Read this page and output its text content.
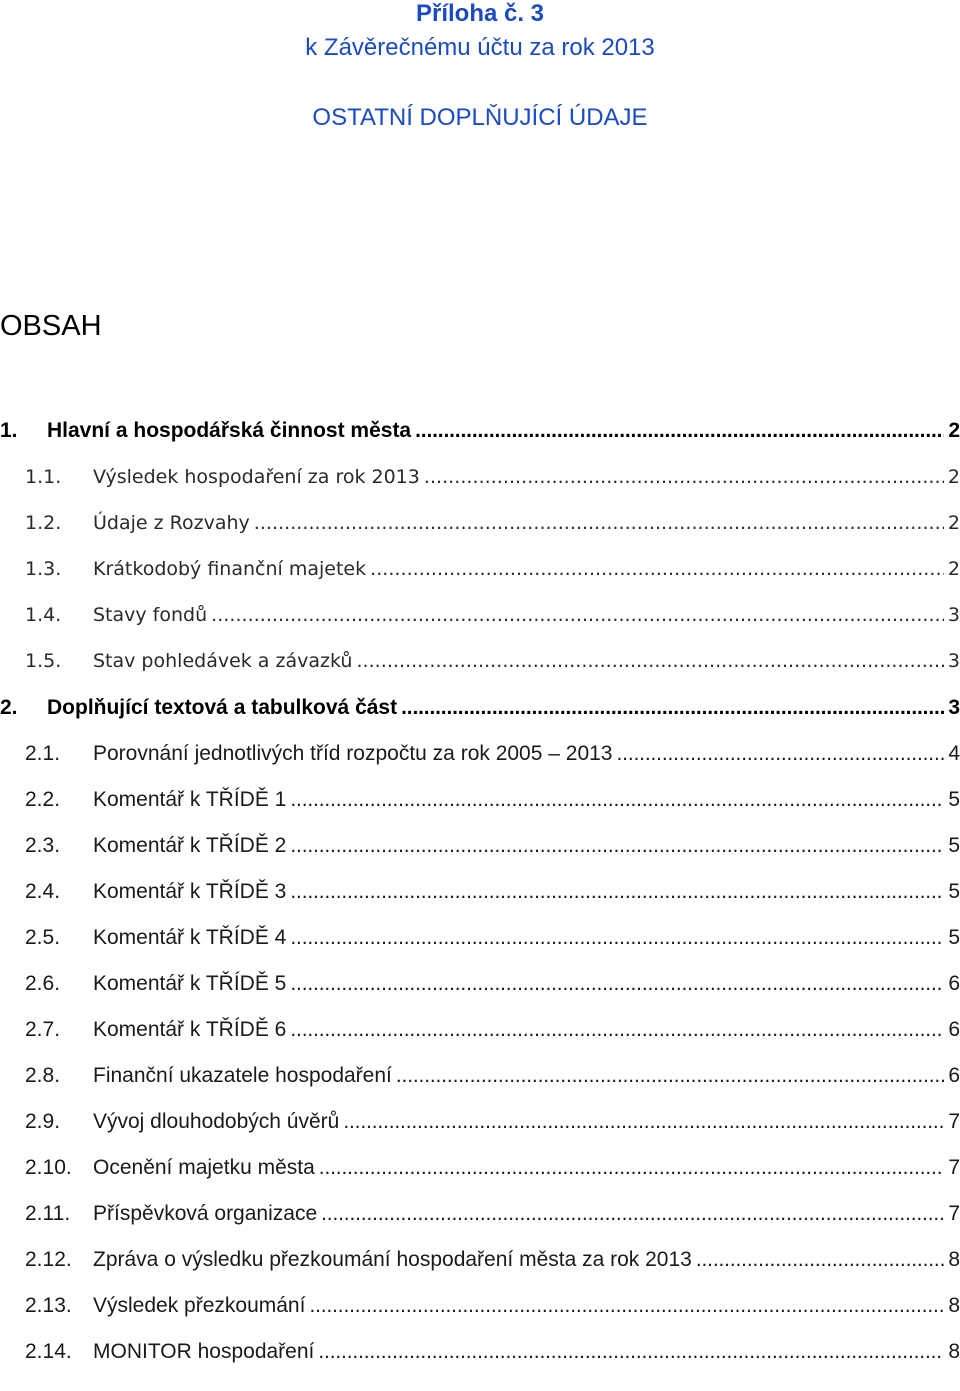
Příloha č. 3
k Závěrečnému účtu za rok 2013
OSTATNÍ DOPLŇUJÍCÍ ÚDAJE
OBSAH
1. Hlavní a hospodářská činnost města . . .	2
1.1. Výsledek hospodaření za rok 2013 . . .	2
1.2. Údaje z Rozvahy . . .	2
1.3. Krátkodobý finanční majetek . . .	2
1.4. Stavy fondů . . .	3
1.5. Stav pohledávek a závazků . . .	3
2. Doplňující textová a tabulková část . . .	3
2.1. Porovnání jednotlivých tříd rozpočtu za rok 2005 – 2013 . . .	4
2.2. Komentář k TŘÍDĚ 1 . . .	5
2.3. Komentář k TŘÍDĚ 2 . . .	5
2.4. Komentář k TŘÍDĚ 3 . . .	5
2.5. Komentář k TŘÍDĚ 4 . . .	5
2.6. Komentář k TŘÍDĚ 5 . . .	6
2.7. Komentář k TŘÍDĚ 6 . . .	6
2.8. Finanční ukazatele hospodaření . . .	6
2.9. Vývoj dlouhodobých úvěrů . . .	7
2.10. Ocenění majetku města . . .	7
2.11. Příspěvková organizace . . .	7
2.12. Zpráva o výsledku přezkoumání hospodaření města za rok 2013 . . .	8
2.13. Výsledek přezkoumání . . .	8
2.14. MONITOR hospodaření . . .	8
